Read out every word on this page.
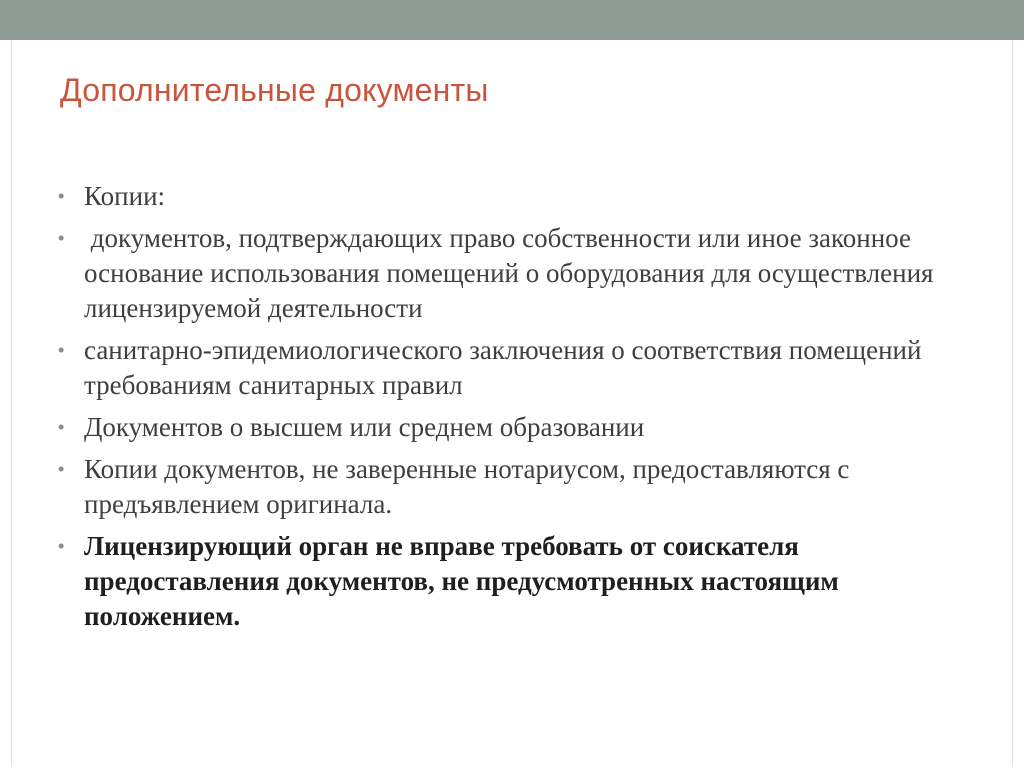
Дополнительные документы
• Копии:
• документов, подтверждающих право собственности или иное законное основание использования помещений о оборудования для осуществления лицензируемой деятельности
• санитарно-эпидемиологического заключения о соответствия помещений требованиям санитарных правил
• Документов о высшем или среднем образовании
• Копии документов, не заверенные нотариусом, предоставляются с предъявлением оригинала.
• Лицензирующий орган не вправе требовать от соискателя предоставления документов, не предусмотренных настоящим положением.
